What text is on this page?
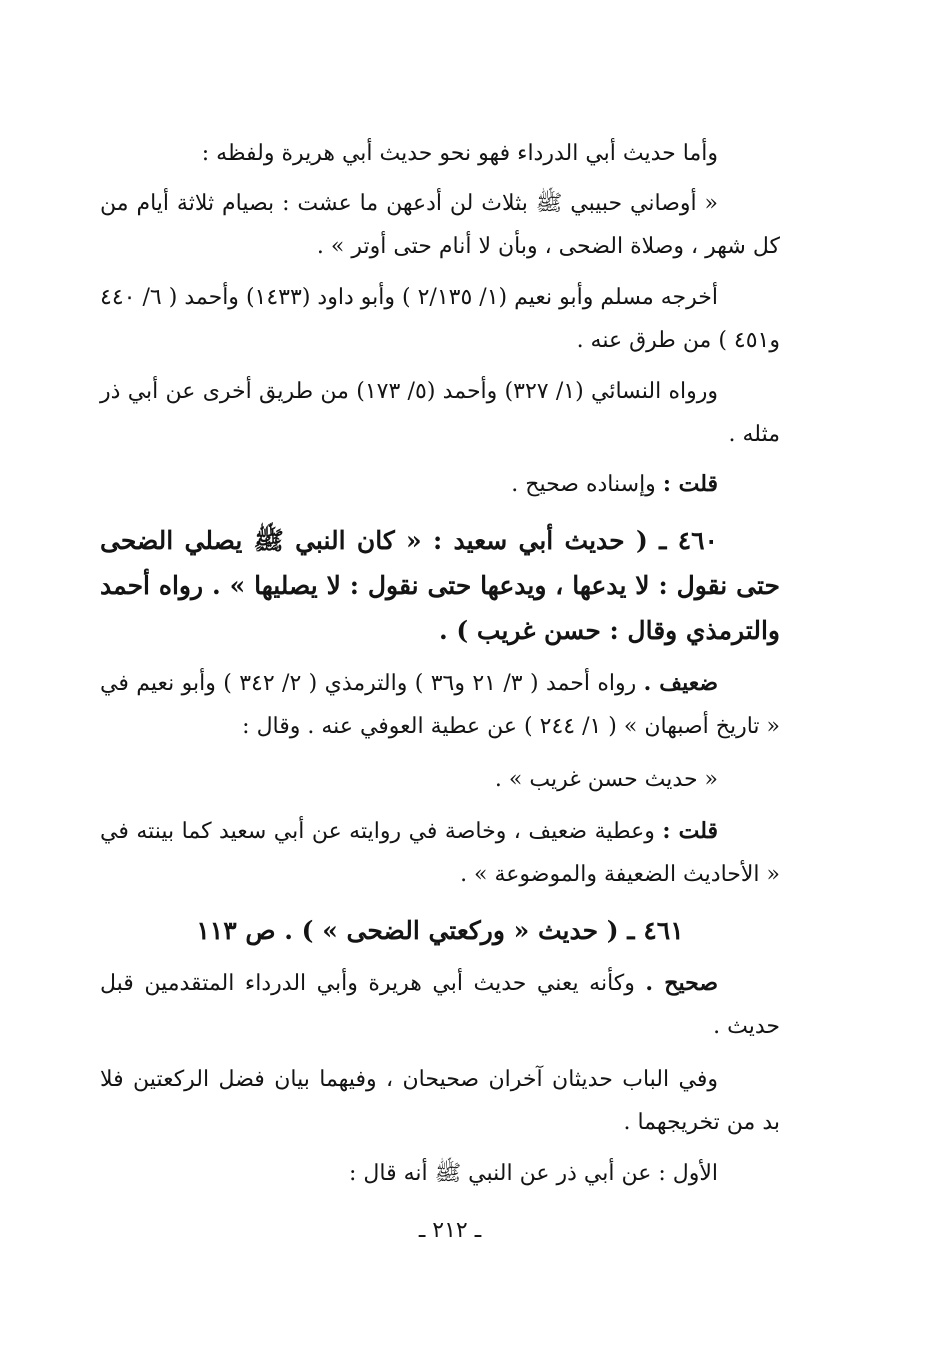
وأما حديث أبي الدرداء فهو نحو حديث أبي هريرة ولفظه :

« أوصاني حبيبي ﷺ بثلاث لن أدعهن ما عشت : بصيام ثلاثة أيام من كل شهر ، وصلاة الضحى ، وبأن لا أنام حتى أوتر » .

أخرجه مسلم وأبو نعيم (١/ ٢/١٣٥ ) وأبو داود (١٤٣٣) وأحمد ( ٦/ ٤٤٠ و٤٥١ ) من طرق عنه .

ورواه النسائي (١/ ٣٢٧) وأحمد (٥/ ١٧٣) من طريق أخرى عن أبي ذر مثله .

قلت : وإسناده صحيح .

٤٦٠ ـ ( حديث أبي سعيد : « كان النبي ﷺ يصلي الضحى حتى نقول : لا يدعها ، ويدعها حتى نقول : لا يصليها » . رواه أحمد والترمذي وقال : حسن غريب ) .

ضعيف . رواه أحمد ( ٣/ ٢١ و٣٦ ) والترمذي ( ٢/ ٣٤٢ ) وأبو نعيم في « تاريخ أصبهان » ( ١/ ٢٤٤ ) عن عطية العوفي عنه . وقال :

« حديث حسن غريب » .

قلت : وعطية ضعيف ، وخاصة في روايته عن أبي سعيد كما بينته في « الأحاديث الضعيفة والموضوعة » .

٤٦١ ـ ( حديث « وركعتي الضحى » ) . ص ١١٣

صحيح . وكأنه يعني حديث أبي هريرة وأبي الدرداء المتقدمين قبل حديث .

وفي الباب حديثان آخران صحيحان ، وفيهما بيان فضل الركعتين فلا بد من تخريجهما .

الأول : عن أبي ذر عن النبي ﷺ أنه قال :

ـ ٢١٢ ـ
